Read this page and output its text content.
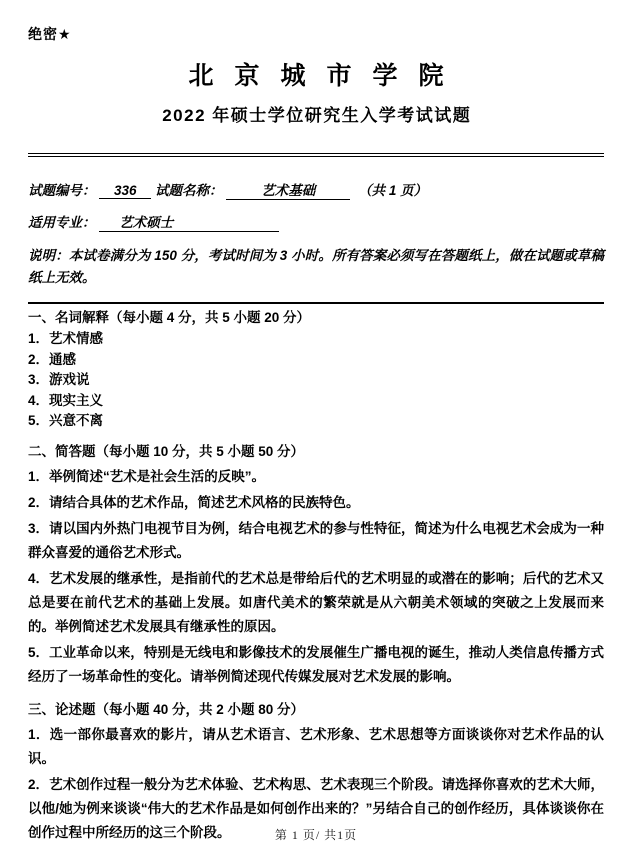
绝密★
北京城市学院
2022 年硕士学位研究生入学考试试题

试题编号： 336 试题名称：	艺术基础	（共 1 页）

适用专业： 艺术硕士

说明：本试卷满分为 150 分，考试时间为 3 小时。所有答案必须写在答题纸上，做在试题或草稿纸上无效。

一、名词解释（每小题 4 分，共 5 小题 20 分）

1．艺术情感

2．通感

3．游戏说

4．现实主义

5．兴意不离

二、简答题（每小题 10 分，共 5 小题 50 分）

1．举例简述“艺术是社会生活的反映”。

2．请结合具体的艺术作品，简述艺术风格的民族特色。

3．请以国内外热门电视节目为例，结合电视艺术的参与性特征，简述为什么电视艺术会成为一种群众喜爱的通俗艺术形式。

4．艺术发展的继承性，是指前代的艺术总是带给后代的艺术明显的或潜在的影响；后代的艺术又总是要在前代艺术的基础上发展。如唐代美术的繁荣就是从六朝美术领域的突破之上发展而来的。举例简述艺术发展具有继承性的原因。

5．工业革命以来，特别是无线电和影像技术的发展催生广播电视的诞生，推动人类信息传播方式经历了一场革命性的变化。请举例简述现代传媒发展对艺术发展的影响。

三、论述题（每小题 40 分，共 2 小题 80 分）

1．选一部你最喜欢的影片，请从艺术语言、艺术形象、艺术思想等方面谈谈你对艺术作品的认识。

2．艺术创作过程一般分为艺术体验、艺术构思、艺术表现三个阶段。请选择你喜欢的艺术大师，以他/她为例来谈谈“伟大的艺术作品是如何创作出来的？”另结合自己的创作经历，具体谈谈你在创作过程中所经历的这三个阶段。	第 1 页/ 共1页
